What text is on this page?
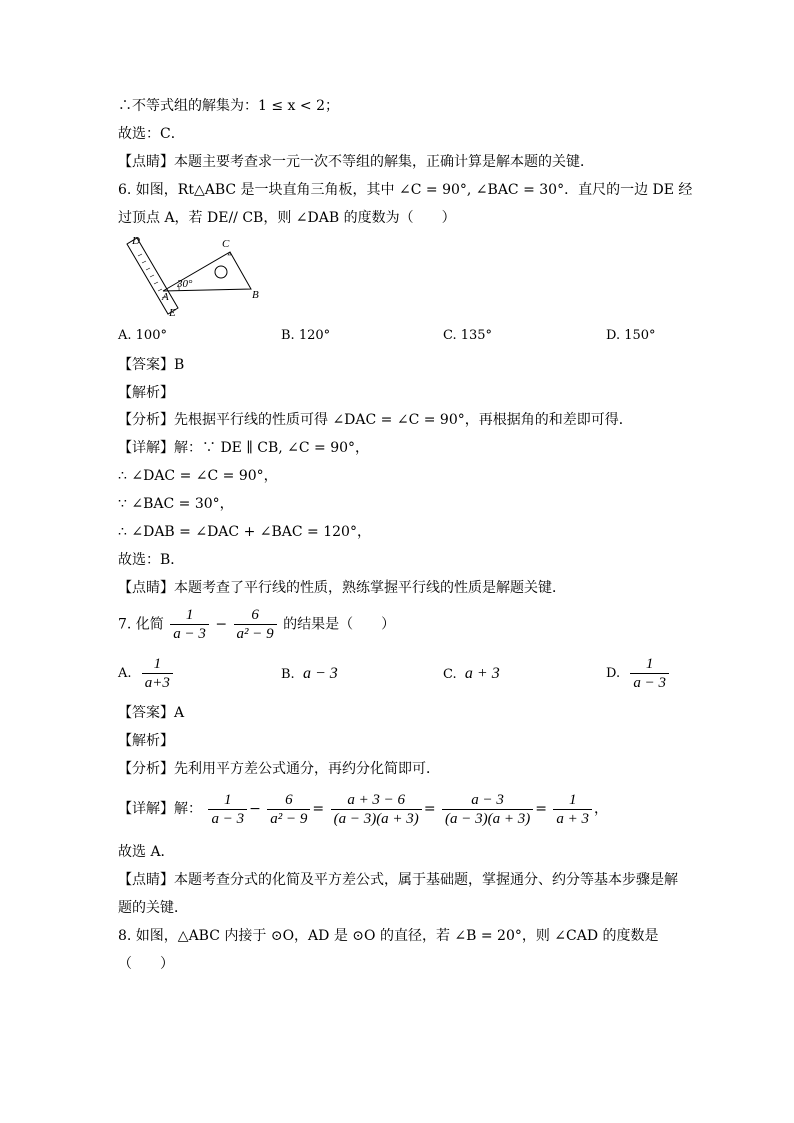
∴不等式组的解集为：1 ≤ x < 2；
故选：C．
【点睛】本题主要考查求一元一次不等组的解集，正确计算是解本题的关键．
6. 如图，Rt△ABC 是一块直角三角板，其中 ∠C = 90°, ∠BAC = 30°．直尺的一边 DE 经
过顶点 A，若 DE// CB，则 ∠DAB 的度数为（　　）
D	C
30°
A	B
E
A. 100°	B. 120°	C. 135°	D. 150°
【答案】B
【解析】
【分析】先根据平行线的性质可得 ∠DAC = ∠C = 90°，再根据角的和差即可得．
【详解】解：∵ DE ∥ CB, ∠C = 90°，
∴ ∠DAC = ∠C = 90°，
∵ ∠BAC = 30°，
∴ ∠DAB = ∠DAC + ∠BAC = 120°，
故选：B．
【点睛】本题考查了平行线的性质，熟练掌握平行线的性质是解题关键．
7. 化简 $\frac{1}{a - 3} - \frac{6}{\text{a² − 9}}$ 的结果是（　　）
A. $\frac{1}{a+3}$	B.  a − 3	C.  a + 3	D. $\frac{1}{a - 3}$
【答案】A
【解析】
【分析】先利用平方差公式通分，再约分化简即可．
【详解】解： $\frac{1}{a - 3} - \frac{6}{\text{a² − 9}} = \frac{a + 3 - 6}{(a - 3)(a + 3)} = \frac{a - 3}{(a - 3)(a + 3)} = \frac{1}{a + 3}$ ，
故选 A．
【点睛】本题考查分式的化简及平方差公式，属于基础题，掌握通分、约分等基本步骤是解
题的关键．
8. 如图，△ABC 内接于 ⊙O，AD 是 ⊙O 的直径，若 ∠B = 20°，则 ∠CAD 的度数是
（　　）
